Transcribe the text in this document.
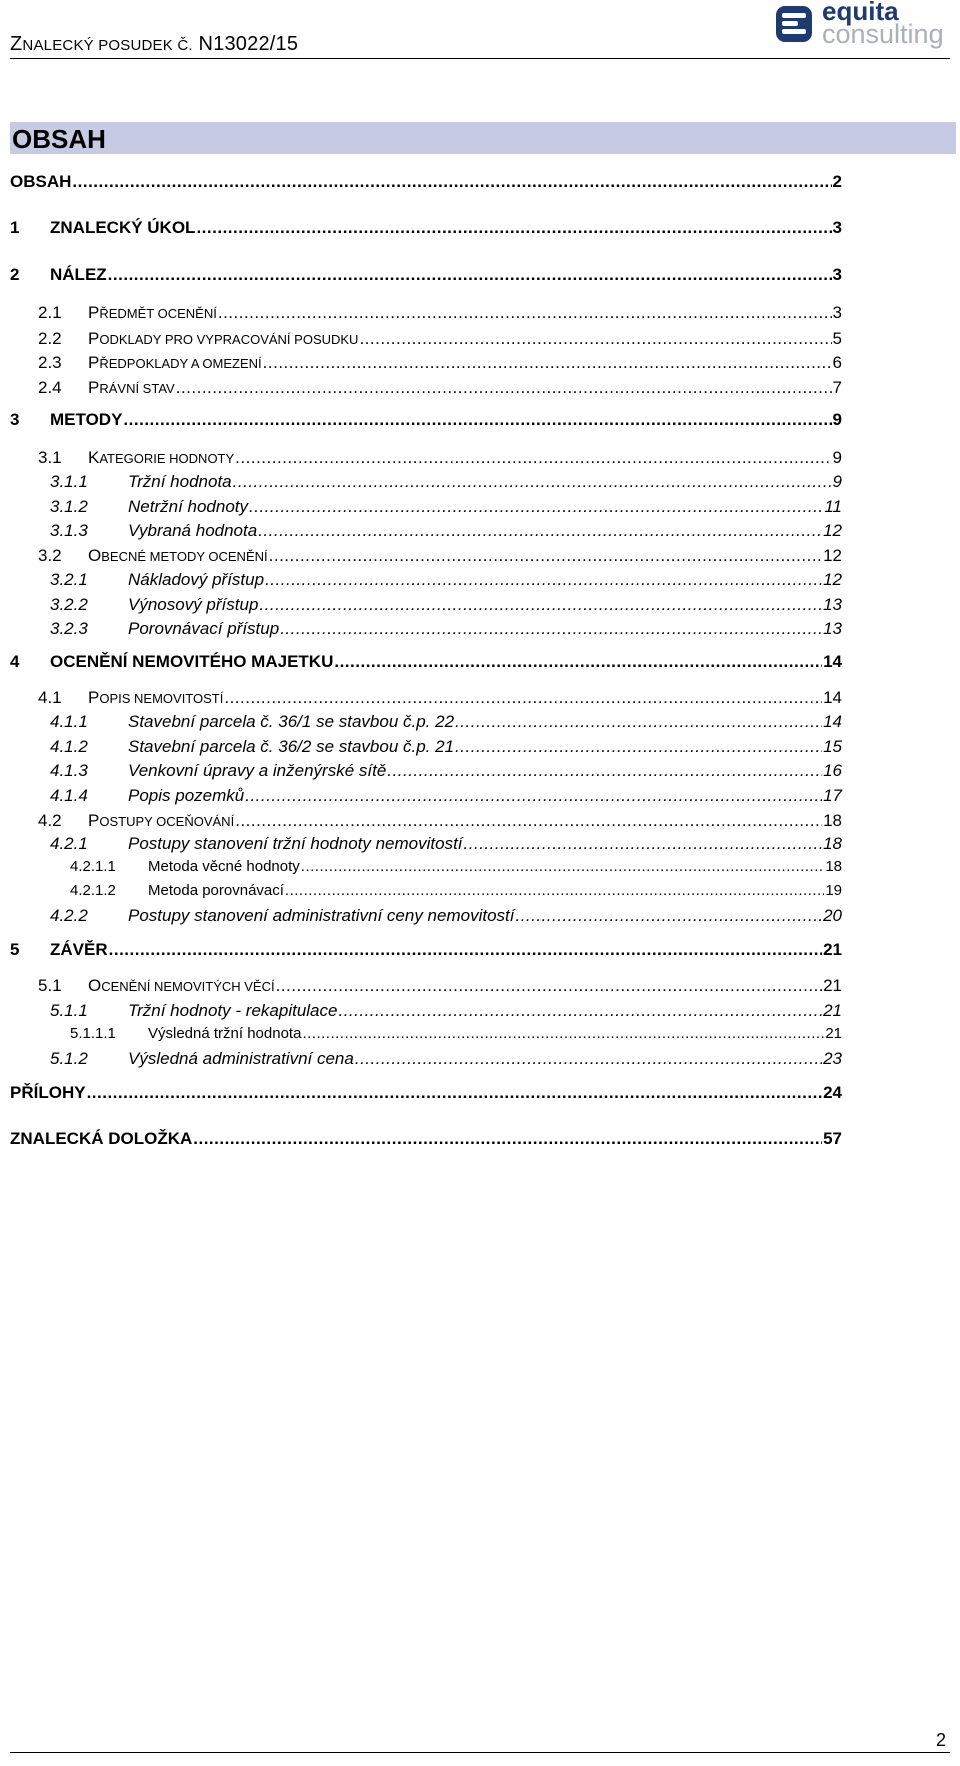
ZNALECKÝ POSUDEK Č. N13022/15
equita
consulting
OBSAH
OBSAH .....	2
1 ZNALECKÝ ÚKOL .....	3
2 NÁLEZ .....	3
2.1 PŘEDMĚT OCENĚNÍ .....	3
2.2 PODKLADY PRO VYPRACOVÁNÍ POSUDKU .....	5
2.3 PŘEDPOKLADY A OMEZENÍ .....	6
2.4 PRÁVNÍ STAV .....	7
3 METODY .....	9
3.1 KATEGORIE HODNOTY .....	9
3.1.1 Tržní hodnota .....	9
3.1.2 Netržní hodnoty .....	11
3.1.3 Vybraná hodnota .....	12
3.2 OBECNÉ METODY OCENĚNÍ .....	12
3.2.1 Nákladový přístup .....	12
3.2.2 Výnosový přístup .....	13
3.2.3 Porovnávací přístup .....	13
4 OCENĚNÍ NEMOVITÉHO MAJETKU .....	14
4.1 POPIS NEMOVITOSTÍ .....	14
4.1.1 Stavební parcela č. 36/1 se stavbou č.p. 22 .....	14
4.1.2 Stavební parcela č. 36/2 se stavbou č.p. 21 .....	15
4.1.3 Venkovní úpravy a inženýrské sítě .....	16
4.1.4 Popis pozemků .....	17
4.2 POSTUPY OCEŇOVÁNÍ .....	18
4.2.1 Postupy stanovení tržní hodnoty nemovitostí .....	18
4.2.1.1 Metoda věcné hodnoty .....	18
4.2.1.2 Metoda porovnávací .....	19
4.2.2 Postupy stanovení administrativní ceny nemovitostí .....	20
5 ZÁVĚR .....	21
5.1 OCENĚNÍ NEMOVITÝCH VĚCÍ .....	21
5.1.1 Tržní hodnoty - rekapitulace .....	21
5.1.1.1 Výsledná tržní hodnota .....	21
5.1.2 Výsledná administrativní cena .....	23
PŘÍLOHY .....	24
ZNALECKÁ DOLOŽKA .....	57
2
